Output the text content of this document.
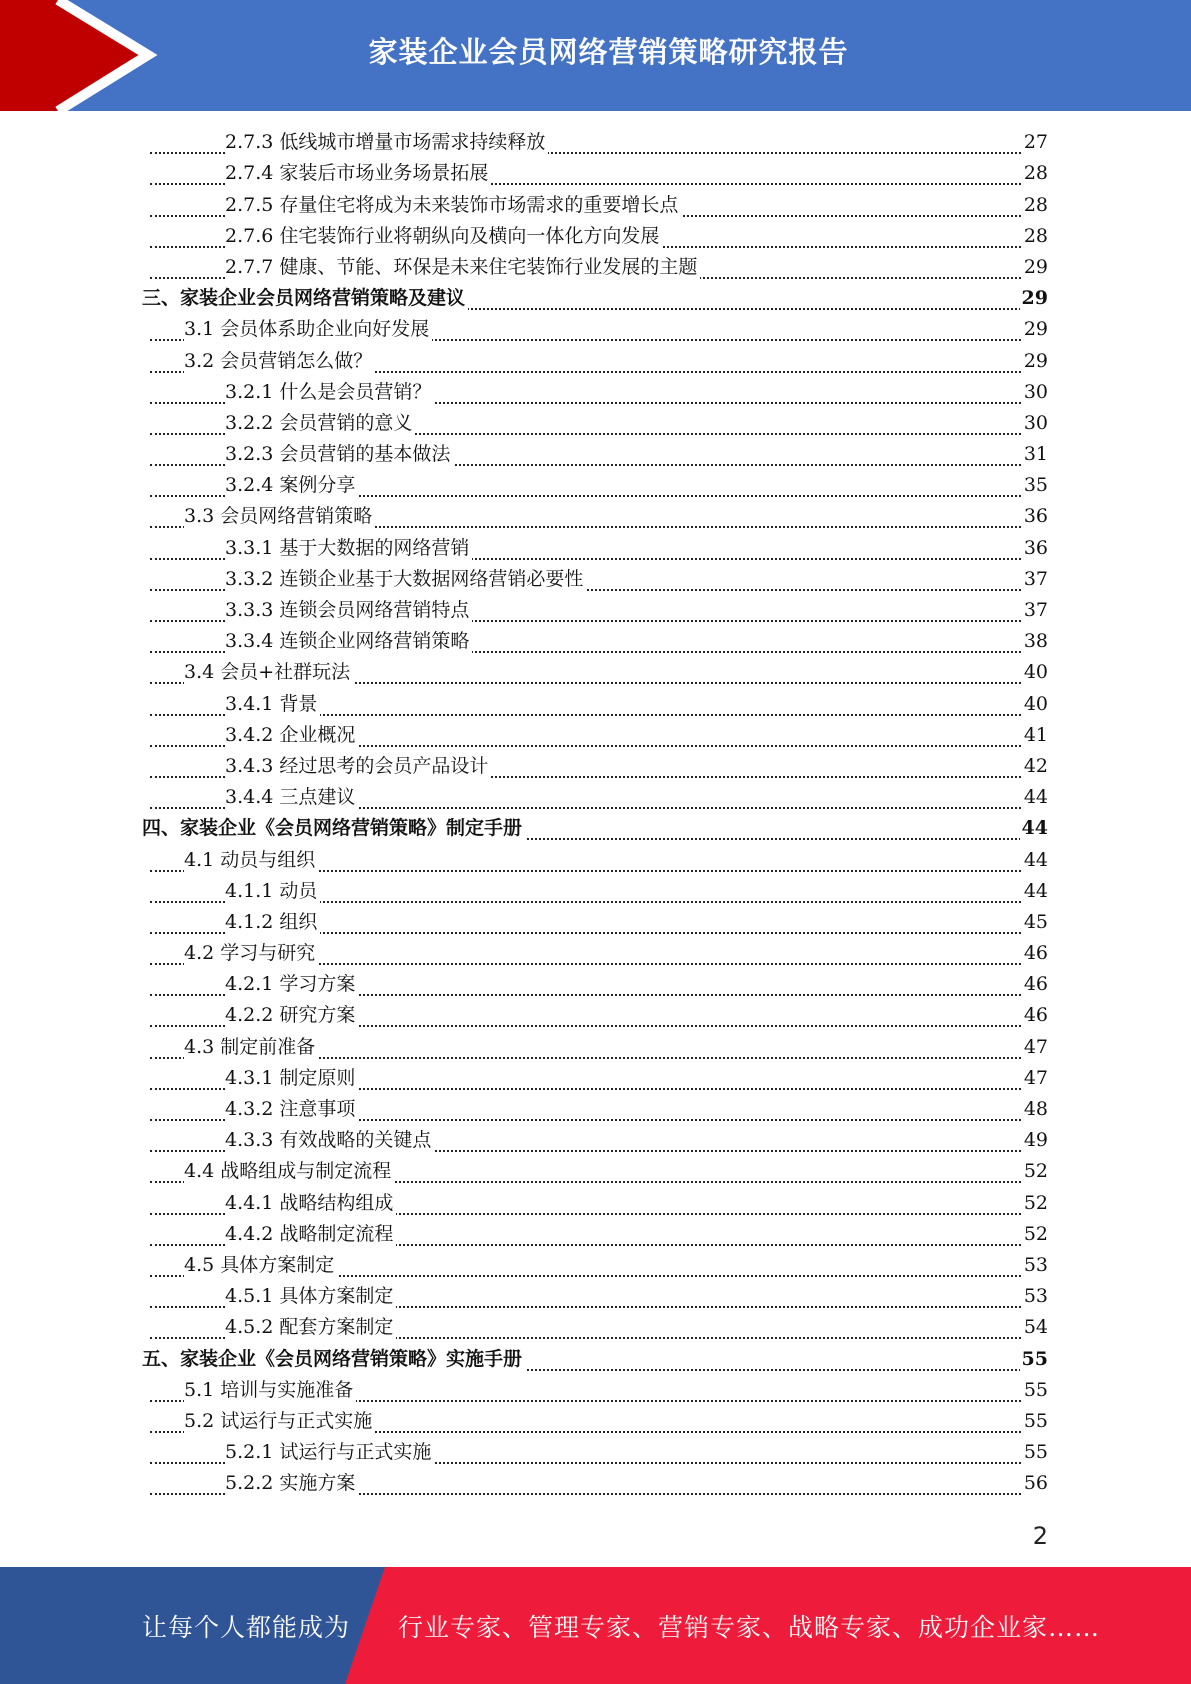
家装企业会员网络营销策略研究报告
2.7.3 低线城市增量市场需求持续释放	27
2.7.4 家装后市场业务场景拓展	28
2.7.5 存量住宅将成为未来装饰市场需求的重要增长点	28
2.7.6 住宅装饰行业将朝纵向及横向一体化方向发展	28
2.7.7 健康、节能、环保是未来住宅装饰行业发展的主题	29
三、家装企业会员网络营销策略及建议	29
3.1 会员体系助企业向好发展	29
3.2 会员营销怎么做？	29
3.2.1 什么是会员营销？	30
3.2.2 会员营销的意义	30
3.2.3 会员营销的基本做法	31
3.2.4 案例分享	35
3.3 会员网络营销策略	36
3.3.1 基于大数据的网络营销	36
3.3.2 连锁企业基于大数据网络营销必要性	37
3.3.3 连锁会员网络营销特点	37
3.3.4 连锁企业网络营销策略	38
3.4 会员+社群玩法	40
3.4.1 背景	40
3.4.2 企业概况	41
3.4.3 经过思考的会员产品设计	42
3.4.4 三点建议	44
四、家装企业《会员网络营销策略》制定手册	44
4.1 动员与组织	44
4.1.1 动员	44
4.1.2 组织	45
4.2 学习与研究	46
4.2.1 学习方案	46
4.2.2 研究方案	46
4.3 制定前准备	47
4.3.1 制定原则	47
4.3.2 注意事项	48
4.3.3 有效战略的关键点	49
4.4 战略组成与制定流程	52
4.4.1 战略结构组成	52
4.4.2 战略制定流程	52
4.5 具体方案制定	53
4.5.1 具体方案制定	53
4.5.2 配套方案制定	54
五、家装企业《会员网络营销策略》实施手册	55
5.1 培训与实施准备	55
5.2 试运行与正式实施	55
5.2.1 试运行与正式实施	55
5.2.2 实施方案	56
2
让每个人都能成为 行业专家、管理专家、营销专家、战略专家、成功企业家……
